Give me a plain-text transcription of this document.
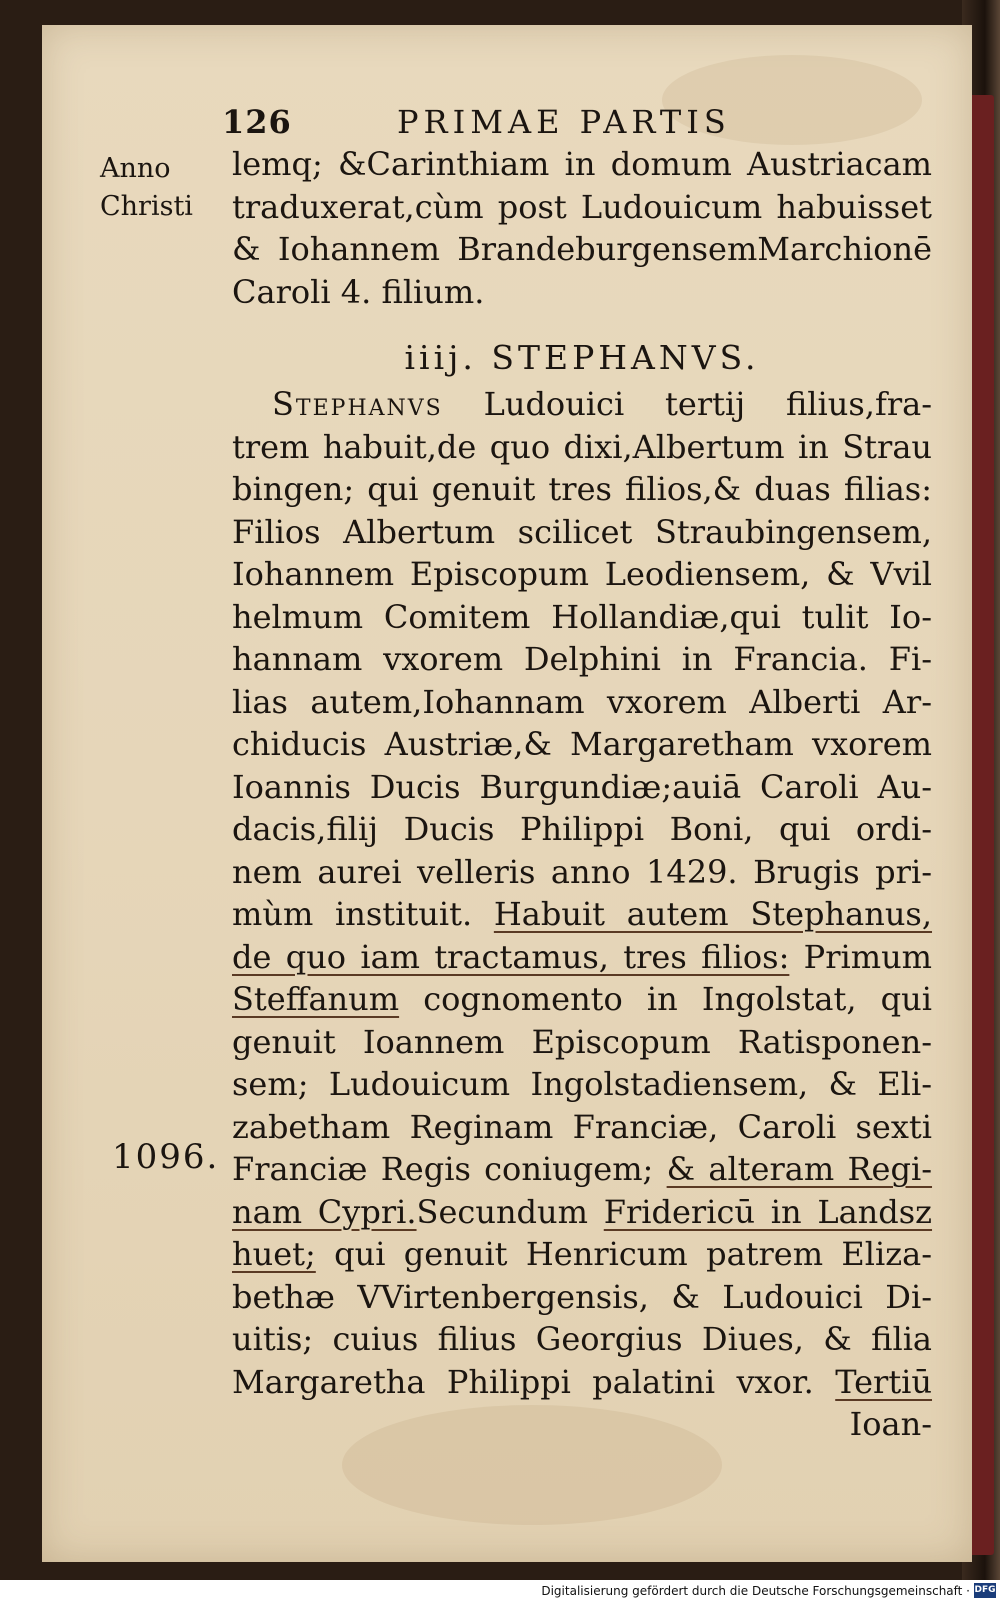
126	PRIMAE PARTIS
Anno
Christi
1096.
lemq; &Carinthiam in domum Austriacam
traduxerat,cùm post Ludouicum habuisset
& Iohannem BrandeburgensemMarchionē
Caroli 4. filium.
iiij. STEPHANVS.
Stephanvs Ludouici tertij filius,fra-
trem habuit,de quo dixi,Albertum in Strau
bingen; qui genuit tres filios,& duas filias:
Filios Albertum scilicet Straubingensem,
Iohannem Episcopum Leodiensem, & Vvil
helmum Comitem Hollandiæ,qui tulit Io-
hannam vxorem Delphini in Francia. Fi-
lias autem,Iohannam vxorem Alberti Ar-
chiducis Austriæ,& Margaretham vxorem
Ioannis Ducis Burgundiæ;auiā Caroli Au-
dacis,filij Ducis Philippi Boni, qui ordi-
nem aurei velleris anno 1429. Brugis pri-
mùm instituit. Habuit autem Stephanus,
de quo iam tractamus, tres filios: Primum
Steffanum cognomento in Ingolstat, qui
genuit Ioannem Episcopum Ratisponen-
sem; Ludouicum Ingolstadiensem, & Eli-
zabetham Reginam Franciæ, Caroli sexti
Franciæ Regis coniugem; & alteram Regi-
nam Cypri.Secundum Fridericū in Landsz
huet; qui genuit Henricum patrem Eliza-
bethæ VVirtenbergensis, & Ludouici Di-
uitis; cuius filius Georgius Diues, & filia
Margaretha Philippi palatini vxor. Tertiū
Ioan-
Digitalisierung gefördert durch die Deutsche Forschungsgemeinschaft · DFG
